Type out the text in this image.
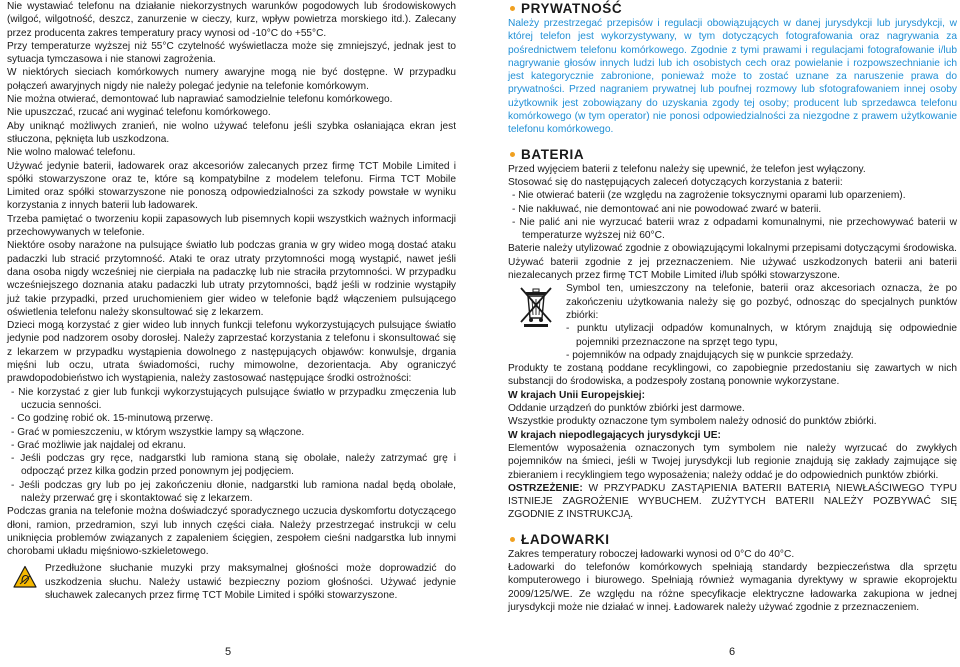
Nie wystawiać telefonu na działanie niekorzystnych warunków pogodowych lub środowiskowych (wilgoć, wilgotność, deszcz, zanurzenie w cieczy, kurz, wpływ powietrza morskiego itd.). Zalecany przez producenta zakres temperatury pracy wynosi od -10°C do +55°C.

Przy temperaturze wyższej niż 55°C czytelność wyświetlacza może się zmniejszyć, jednak jest to sytuacja tymczasowa i nie stanowi zagrożenia.

W niektórych sieciach komórkowych numery awaryjne mogą nie być dostępne. W przypadku połączeń awaryjnych nigdy nie należy polegać jedynie na telefonie komórkowym.

Nie można otwierać, demontować lub naprawiać samodzielnie telefonu komórkowego.

Nie upuszczać, rzucać ani wyginać telefonu komórkowego.

Aby uniknąć możliwych zranień, nie wolno używać telefonu jeśli szybka osłaniająca ekran jest stłuczona, pęknięta lub uszkodzona.

Nie wolno malować telefonu.

Używać jedynie baterii, ładowarek oraz akcesoriów zalecanych przez firmę TCT Mobile Limited i spółki stowarzyszone oraz te, które są kompatybilne z modelem telefonu. Firma TCT Mobile Limited oraz spółki stowarzyszone nie ponoszą odpowiedzialności za szkody powstałe w wyniku korzystania z innych baterii lub ładowarek.

Trzeba pamiętać o tworzeniu kopii zapasowych lub pisemnych kopii wszystkich ważnych informacji przechowywanych w telefonie.

Niektóre osoby narażone na pulsujące światło lub podczas grania w gry wideo mogą dostać ataku padaczki lub stracić przytomność. Ataki te oraz utraty przytomności mogą wystąpić, nawet jeśli dana osoba nigdy wcześniej nie cierpiała na padaczkę lub nie straciła przytomności. W przypadku wcześniejszego doznania ataku padaczki lub utraty przytomności, bądź jeśli w rodzinie wystąpiły już takie przypadki, przed uruchomieniem gier wideo w telefonie bądź włączeniem pulsującego oświetlenia telefonu należy skonsultować się z lekarzem.

Dzieci mogą korzystać z gier wideo lub innych funkcji telefonu wykorzystujących pulsujące światło jedynie pod nadzorem osoby dorosłej. Należy zaprzestać korzystania z telefonu i skonsultować się z lekarzem w przypadku wystąpienia dowolnego z następujących objawów: konwulsje, drgania mięśni lub oczu, utrata świadomości, ruchy mimowolne, dezorientacja. Aby ograniczyć prawdopodobieństwo ich wystąpienia, należy zastosować następujące środki ostrożności:

- Nie korzystać z gier lub funkcji wykorzystujących pulsujące światło w przypadku zmęczenia lub uczucia senności.

- Co godzinę robić ok. 15-minutową przerwę.

- Grać w pomieszczeniu, w którym wszystkie lampy są włączone.

- Grać możliwie jak najdalej od ekranu.

- Jeśli podczas gry ręce, nadgarstki lub ramiona staną się obolałe, należy zatrzymać grę i odpocząć przez kilka godzin przed ponownym jej podjęciem.

- Jeśli podczas gry lub po jej zakończeniu dłonie, nadgarstki lub ramiona nadal będą obolałe, należy przerwać grę i skontaktować się z lekarzem.

Podczas grania na telefonie można doświadczyć sporadycznego uczucia dyskomfortu dotyczącego dłoni, ramion, przedramion, szyi lub innych części ciała. Należy przestrzegać instrukcji w celu uniknięcia problemów związanych z zapaleniem ścięgien, zespołem cieśni nadgarstka lub innymi chorobami układu mięśniowo-szkieletowego.

Przedłużone słuchanie muzyki przy maksymalnej głośności może doprowadzić do uszkodzenia słuchu. Należy ustawić bezpieczny poziom głośności. Używać jedynie słuchawek zalecanych przez firmę TCT Mobile Limited i spółki stowarzyszone.

5
PRYWATNOŚĆ

Należy przestrzegać przepisów i regulacji obowiązujących w danej jurysdykcji lub jurysdykcji, w której telefon jest wykorzystywany, w tym dotyczących fotografowania oraz nagrywania za pośrednictwem telefonu komórkowego. Zgodnie z tymi prawami i regulacjami fotografowanie i/lub nagrywanie głosów innych ludzi lub ich osobistych cech oraz powielanie i rozpowszechnianie ich jest kategorycznie zabronione, ponieważ może to zostać uznane za naruszenie prawa do prywatności. Przed nagraniem prywatnej lub poufnej rozmowy lub sfotografowaniem innej osoby użytkownik jest zobowiązany do uzyskania zgody tej osoby; producent lub sprzedawca telefonu komórkowego (w tym operator) nie ponosi odpowiedzialności za niezgodne z prawem użytkowanie telefonu komórkowego.

BATERIA

Przed wyjęciem baterii z telefonu należy się upewnić, że telefon jest wyłączony.

Stosować się do następujących zaleceń dotyczących korzystania z baterii:

- Nie otwierać baterii (ze względu na zagrożenie toksycznymi oparami lub oparzeniem).

- Nie nakłuwać, nie demontować ani nie powodować zwarć w baterii.

- Nie palić ani nie wyrzucać baterii wraz z odpadami komunalnymi, nie przechowywać baterii w temperaturze wyższej niż 60°C.

Baterie należy utylizować zgodnie z obowiązującymi lokalnymi przepisami dotyczącymi środowiska. Używać baterii zgodnie z jej przeznaczeniem. Nie używać uszkodzonych baterii ani baterii niezalecanych przez firmę TCT Mobile Limited i/lub spółki stowarzyszone.

Symbol ten, umieszczony na telefonie, baterii oraz akcesoriach oznacza, że po zakończeniu użytkowania należy się go pozbyć, odnosząc do specjalnych punktów zbiórki:

- punktu utylizacji odpadów komunalnych, w którym znajdują się odpowiednie pojemniki przeznaczone na sprzęt tego typu,

- pojemników na odpady znajdujących się w punkcie sprzedaży.

Produkty te zostaną poddane recyklingowi, co zapobiegnie przedostaniu się zawartych w nich substancji do środowiska, a podzespoły zostaną ponownie wykorzystane.

W krajach Unii Europejskiej:

Oddanie urządzeń do punktów zbiórki jest darmowe.

Wszystkie produkty oznaczone tym symbolem należy odnosić do punktów zbiórki.

W krajach niepodlegających jurysdykcji UE:

Elementów wyposażenia oznaczonych tym symbolem nie należy wyrzucać do zwykłych pojemników na śmieci, jeśli w Twojej jurysdykcji lub regionie znajdują się zakłady zajmujące się zbieraniem i recyklingiem tego wyposażenia; należy oddać je do odpowiednich punktów zbiórki.

OSTRZEŻENIE: W PRZYPADKU ZASTĄPIENIA BATERII BATERIĄ NIEWŁAŚCIWEGO TYPU ISTNIEJE ZAGROŻENIE WYBUCHEM. ZUŻYTYCH BATERII NALEŻY POZBYWAĆ SIĘ ZGODNIE Z INSTRUKCJĄ.

ŁADOWARKI

Zakres temperatury roboczej ładowarki wynosi od 0°C do 40°C.

Ładowarki do telefonów komórkowych spełniają standardy bezpieczeństwa dla sprzętu komputerowego i biurowego. Spełniają również wymagania dyrektywy w sprawie ekoprojektu 2009/125/WE. Ze względu na różne specyfikacje elektryczne ładowarka zakupiona w jednej jurysdykcji może nie działać w innej. Ładowarek należy używać zgodnie z przeznaczeniem.

6
